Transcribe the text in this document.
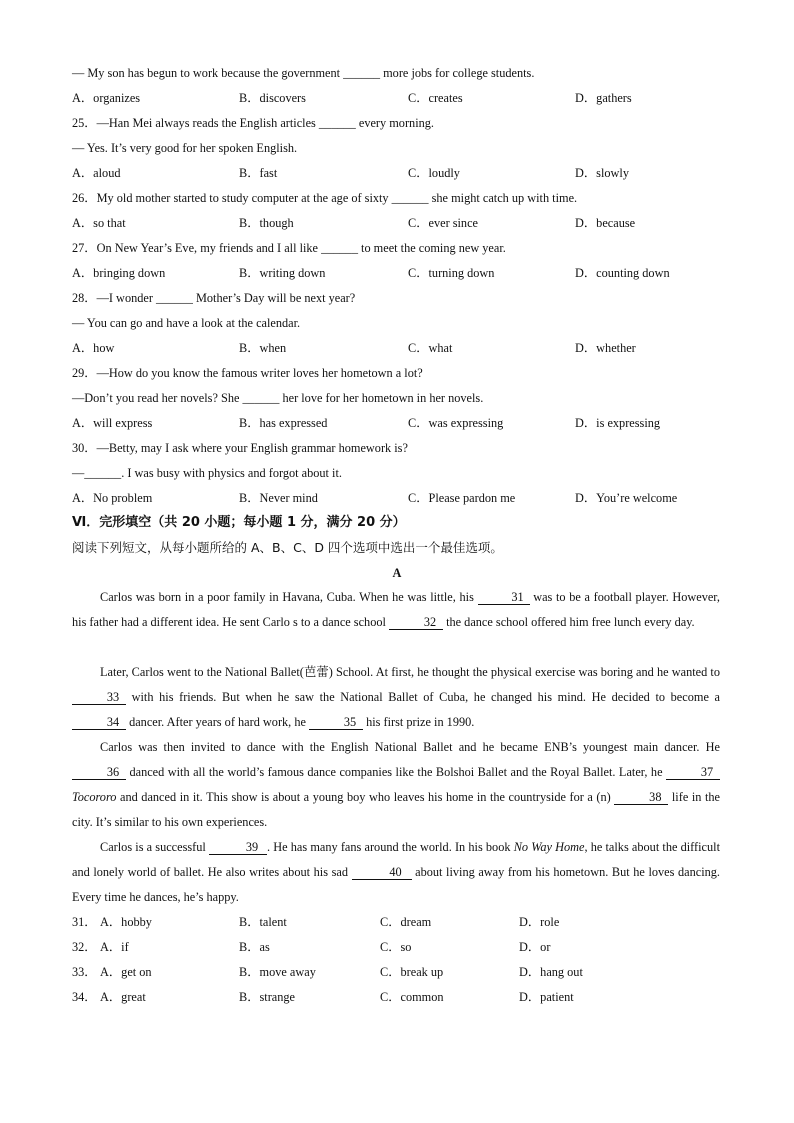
— My son has begun to work because the government ______ more jobs for college students.
A．organizes	B．discovers	C．creates	D．gathers
25．—Han Mei always reads the English articles ______ every morning.
— Yes. It’s very good for her spoken English.
A．aloud	B．fast	C．loudly	D．slowly
26．My old mother started to study computer at the age of sixty ______ she might catch up with time.
A．so that	B．though	C．ever since	D．because
27．On New Year’s Eve, my friends and I all like ______ to meet the coming new year.
A．bringing down	B．writing down	C．turning down	D．counting down
28．—I wonder ______ Mother’s Day will be next year?
— You can go and have a look at the calendar.
A．how	B．when	C．what	D．whether
29．—How do you know the famous writer loves her hometown a lot?
—Don’t you read her novels? She ______ her love for her hometown in her novels.
A．will express	B．has expressed	C．was expressing	D．is expressing
30．—Betty, may I ask where your English grammar homework is?
—______. I was busy with physics and forgot about it.
A．No problem	B．Never mind	C．Please pardon me	D．You’re welcome
Ⅵ．完形填空（共 20 小题；每小题 1 分，满分 20 分）
阅读下列短文，从每小题所给的 A、B、C、D 四个选项中选出一个最佳选项。
A
Carlos was born in a poor family in Havana, Cuba. When he was little, his	31 was to be a football player. However, his father had a different idea. He sent Carlo s to a dance school	32 the dance school offered him free lunch every day.
Later, Carlos went to the National Ballet(芭蕾) School. At first, he thought the physical exercise was boring and he wanted to 33 with his friends. But when he saw the National Ballet of Cuba, he changed his mind. He decided to become a 34 dancer. After years of hard work, he	35 his first prize in 1990.
Carlos was then invited to dance with the English National Ballet and he became ENB’s youngest main dancer. He 36 danced with all the world’s famous dance companies like the Bolshoi Ballet and the Royal Ballet. Later, he	37 Tocororo and danced in it. This show is about a young boy who leaves his home in the countryside for a (n)	38 life in the city. It’s similar to his own experiences.
Carlos is a successful	39 . He has many fans around the world. In his book No Way Home, he talks about the difficult and lonely world of ballet. He also writes about his sad	40 about living away from his hometown. But he loves dancing. Every time he dances, he’s happy.
31． A．hobby	B．talent	C．dream	D．role
32． A．if	B．as	C．so	D．or
33． A．get on	B．move away	C．break up	D．hang out
34． A．great	B．strange	C．common	D．patient
